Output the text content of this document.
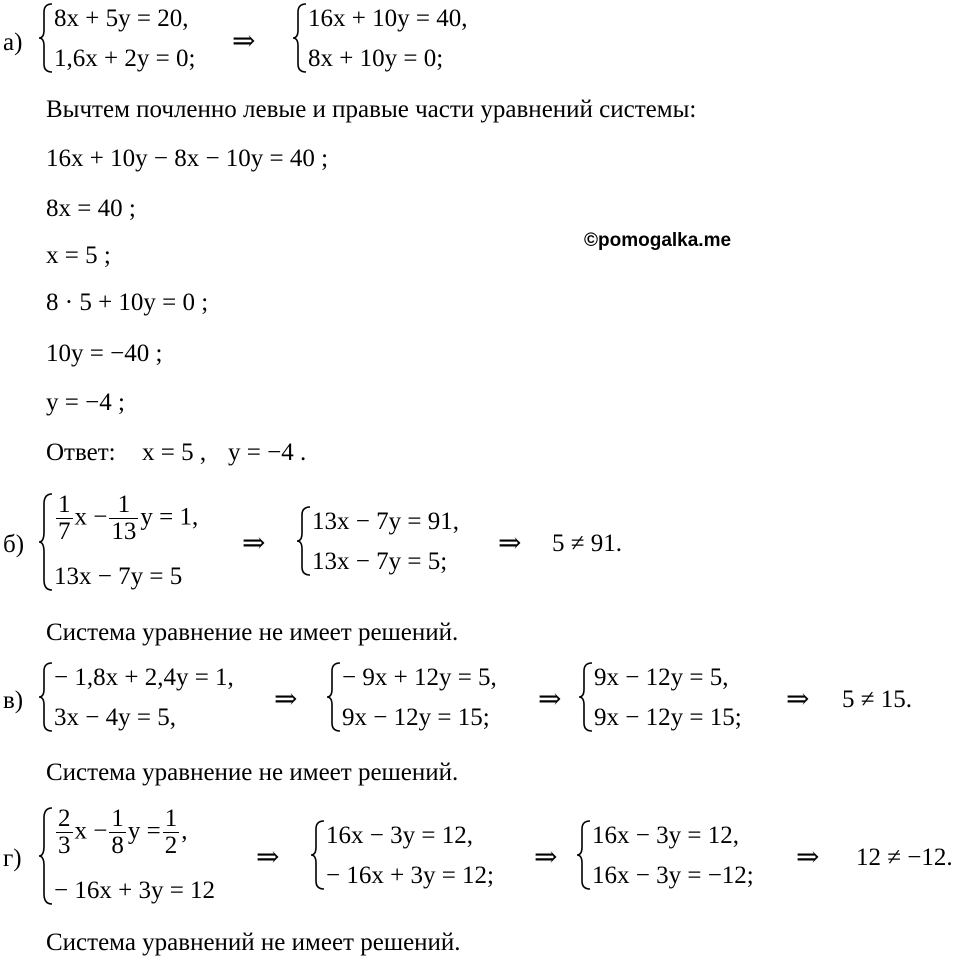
©pomogalka.me
а)
8x + 5y = 20,
1,6x + 2y = 0;
⇒
16x + 10y = 40,
8x + 10y = 0;
Вычтем почленно левые и правые части уравнений системы:
16x + 10y − 8x − 10y = 40 ;
8x = 40 ;
x = 5 ;
8 · 5 + 10y = 0 ;
10y = −40 ;
y = −4 ;
Ответ: x = 5 , y = −4 .
$б) \frac{1}{7}$ $x - \frac{1}{13}$ y = 1,
13x − 7y = 5
⇒
13x − 7y = 91,
13x − 7y = 5;
⇒ 5 ≠ 91.
Система уравнение не имеет решений.
в)
− 1,8x + 2,4y = 1,
3x − 4y = 5,
⇒
− 9x + 12y = 5,
9x − 12y = 15;
⇒
9x − 12y = 5,
9x − 12y = 15;
⇒ 5 ≠ 15.
Система уравнение не имеет решений.
$г) \frac{2}{3}$ $x - \frac{1}{8}$ $y = \frac{1}{2}$ ,
− 16x + 3y = 12
⇒
16x − 3y = 12,
− 16x + 3y = 12;
⇒
16x − 3y = 12,
16x − 3y = −12;
⇒ 12 ≠ −12.
Система уравнений не имеет решений.
